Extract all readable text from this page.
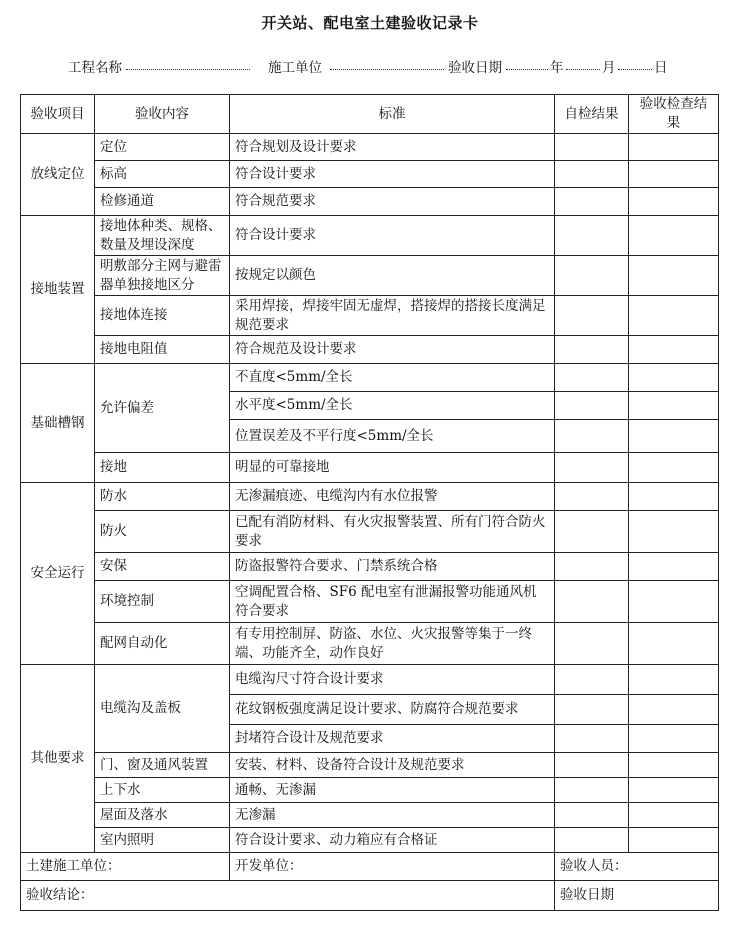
开关站、配电室土建验收记录卡
工程名称	施工单位	验收日期	年	月	日
验收项目	验收内容	标准	自检结果	验收检查结果
放线定位	定位	符合规划及设计要求		
	标高	符合设计要求		
	检修通道	符合规范要求		
接地装置	接地体种类、规格、数量及埋设深度	符合设计要求		
	明敷部分主网与避雷器单独接地区分	按规定以颜色		
	接地体连接	采用焊接，焊接牢固无虚焊，搭接焊的搭接长度满足规范要求		
	接地电阻值	符合规范及设计要求		
基础槽钢	允许偏差	不直度<5mm/全长		
		水平度<5mm/全长		
		位置误差及不平行度<5mm/全长		
	接地	明显的可靠接地		
安全运行	防水	无渗漏痕迹、电缆沟内有水位报警		
	防火	已配有消防材料、有火灾报警装置、所有门符合防火要求		
	安保	防盗报警符合要求、门禁系统合格		
	环境控制	空调配置合格、SF6 配电室有泄漏报警功能通风机符合要求		
	配网自动化	有专用控制屏、防盗、水位、火灾报警等集于一终端、功能齐全，动作良好		
其他要求	电缆沟及盖板	电缆沟尺寸符合设计要求		
		花纹钢板强度满足设计要求、防腐符合规范要求		
		封堵符合设计及规范要求		
	门、窗及通风装置	安装、材料、设备符合设计及规范要求		
	上下水	通畅、无渗漏		
	屋面及落水	无渗漏		
	室内照明	符合设计要求、动力箱应有合格证		
土建施工单位：		开发单位：	验收人员：	
验收结论：			验收日期	
